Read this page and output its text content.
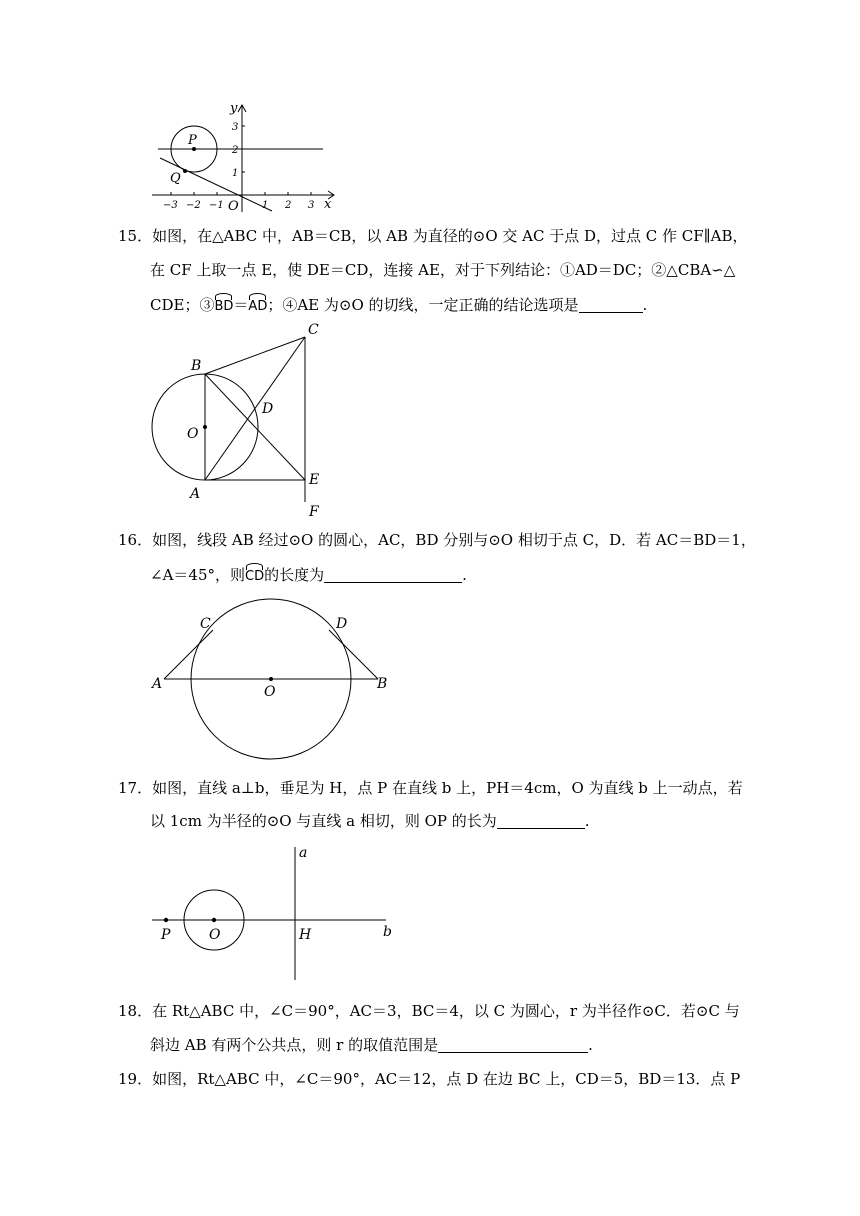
y
x
O
P
Q	1
2
3
−3 −2 −1	1 2 3
15．如图，在△ABC 中，AB＝CB，以 AB 为直径的⊙O 交 AC 于点 D，过点 C 作 CF∥AB，
在 CF 上取一点 E，使 DE＝CD，连接 AE，对于下列结论：①AD＝DC；②△CBA∽△
CDE；③BD＝AD；④AE 为⊙O 的切线，一定正确的结论选项是	.
B
C
D
O
A
E
F
16．如图，线段 AB 经过⊙O 的圆心，AC，BD 分别与⊙O 相切于点 C，D．若 AC＝BD＝1，
∠A＝45°，则CD的长度为	.
A	B
C	D
O
17．如图，直线 a⊥b，垂足为 H，点 P 在直线 b 上，PH＝4cm，O 为直线 b 上一动点，若
以 1cm 为半径的⊙O 与直线 a 相切，则 OP 的长为	.
a
b
P	O	H
18．在 Rt△ABC 中，∠C＝90°，AC＝3，BC＝4，以 C 为圆心，r 为半径作⊙C．若⊙C 与
斜边 AB 有两个公共点，则 r 的取值范围是	.
19．如图，Rt△ABC 中，∠C＝90°，AC＝12，点 D 在边 BC 上，CD＝5，BD＝13．点 P
